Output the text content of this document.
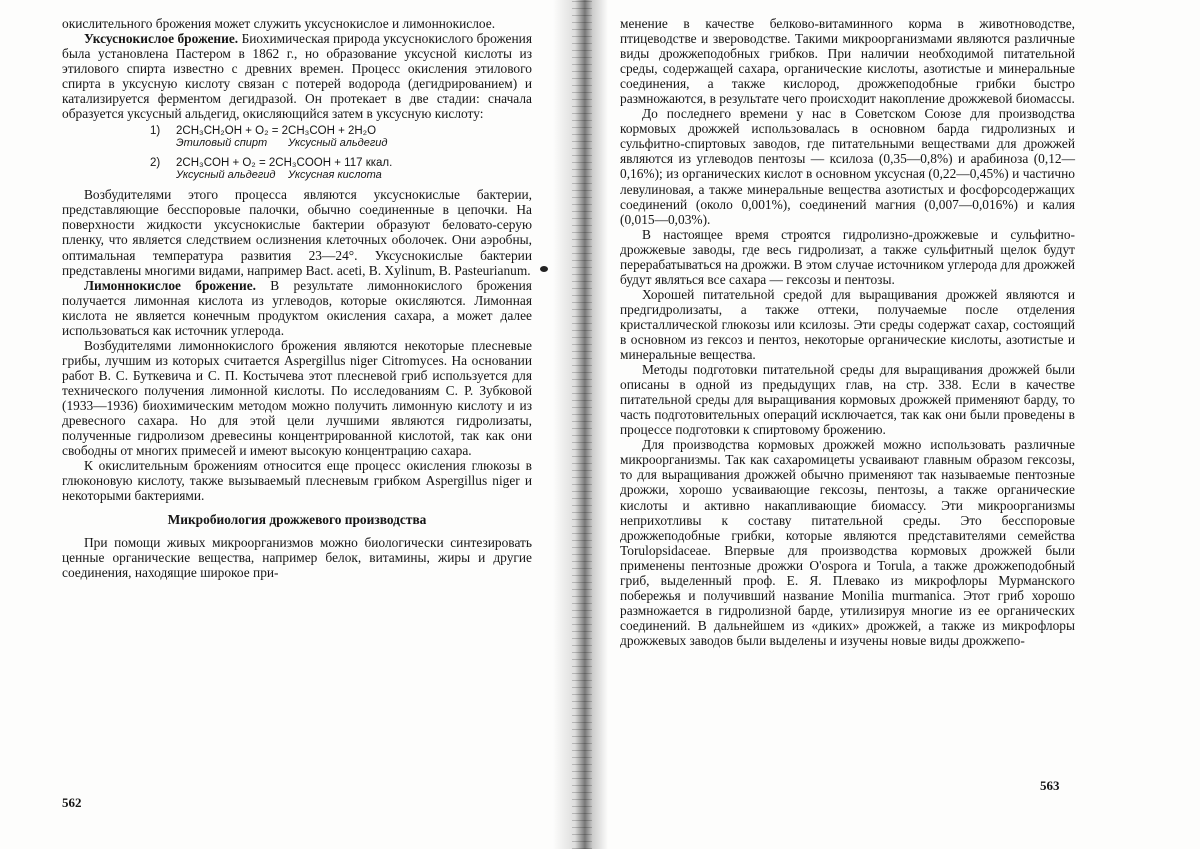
окислительного брожения может служить уксуснокислое и лимоннокислое.

Уксуснокислое брожение. Биохимическая природа уксуснокислого брожения была установлена Пастером в 1862 г., но образование уксусной кислоты из этилового спирта известно с древних времен. Процесс окисления этилового спирта в уксусную кислоту связан с потерей водорода (дегидрированием) и катализируется ферментом дегидразой. Он протекает в две стадии: сначала образуется уксусный альдегид, окисляющийся затем в уксусную кислоту:

1) 2CH₃CH₂OH + O₂ = 2CH₃COH + 2H₂O
Этиловый спирт Уксусный альдегид
2) 2CH₃COH + O₂ = 2CH₃COOH + 117 ккал.
Уксусный альдегид Уксусная кислота

Возбудителями этого процесса являются уксуснокислые бактерии, представляющие бесспоровые палочки, обычно соединенные в цепочки. На поверхности жидкости уксуснокислые бактерии образуют беловато-серую пленку, что является следствием ослизнения клеточных оболочек. Они аэробны, оптимальная температура развития 23—24°. Уксуснокислые бактерии представлены многими видами, например Bact. aceti, B. Xylinum, B. Pasteurianum.

Лимоннокислое брожение. В результате лимоннокислого брожения получается лимонная кислота из углеводов, которые окисляются. Лимонная кислота не является конечным продуктом окисления сахара, а может далее использоваться как источник углерода.

Возбудителями лимоннокислого брожения являются некоторые плесневые грибы, лучшим из которых считается Aspergillus niger Citromyces. На основании работ В. С. Буткевича и С. П. Костычева этот плесневой гриб используется для технического получения лимонной кислоты. По исследованиям С. Р. Зубковой (1933—1936) биохимическим методом можно получить лимонную кислоту и из древесного сахара. Но для этой цели лучшими являются гидролизаты, полученные гидролизом древесины концентрированной кислотой, так как они свободны от многих примесей и имеют высокую концентрацию сахара.

К окислительным брожениям относится еще процесс окисления глюкозы в глюконовую кислоту, также вызываемый плесневым грибком Aspergillus niger и некоторыми бактериями.

Микробиология дрожжевого производства

При помощи живых микроорганизмов можно биологически синтезировать ценные органические вещества, например белок, витамины, жиры и другие соединения, находящие широкое при-

562

менение в качестве белково-витаминного корма в животноводстве, птицеводстве и звероводстве. Такими микроорганизмами являются различные виды дрожжеподобных грибков. При наличии необходимой питательной среды, содержащей сахара, органические кислоты, азотистые и минеральные соединения, а также кислород, дрожжеподобные грибки быстро размножаются, в результате чего происходит накопление дрожжевой биомассы.

До последнего времени у нас в Советском Союзе для производства кормовых дрожжей использовалась в основном барда гидролизных и сульфитно-спиртовых заводов, где питательными веществами для дрожжей являются из углеводов пентозы — ксилоза (0,35—0,8%) и арабиноза (0,12—0,16%); из органических кислот в основном уксусная (0,22—0,45%) и частично левулиновая, а также минеральные вещества азотистых и фосфорсодержащих соединений (около 0,001%), соединений магния (0,007—0,016%) и калия (0,015—0,03%).

В настоящее время строятся гидролизно-дрожжевые и сульфитно-дрожжевые заводы, где весь гидролизат, а также сульфитный щелок будут перерабатываться на дрожжи. В этом случае источником углерода для дрожжей будут являться все сахара — гексозы и пентозы.

Хорошей питательной средой для выращивания дрожжей являются и предгидролизаты, а также оттеки, получаемые после отделения кристаллической глюкозы или ксилозы. Эти среды содержат сахар, состоящий в основном из гексоз и пентоз, некоторые органические кислоты, азотистые и минеральные вещества.

Методы подготовки питательной среды для выращивания дрожжей были описаны в одной из предыдущих глав, на стр. 338. Если в качестве питательной среды для выращивания кормовых дрожжей применяют барду, то часть подготовительных операций исключается, так как они были проведены в процессе подготовки к спиртовому брожению.

Для производства кормовых дрожжей можно использовать различные микроорганизмы. Так как сахаромицеты усваивают главным образом гексозы, то для выращивания дрожжей обычно применяют так называемые пентозные дрожжи, хорошо усваивающие гексозы, пентозы, а также органические кислоты и активно накапливающие биомассу. Эти микроорганизмы неприхотливы к составу питательной среды. Это бесспоровые дрожжеподобные грибки, которые являются представителями семейства Torulopsidaceae. Впервые для производства кормовых дрожжей были применены пентозные дрожжи O'ospora и Torula, а также дрожжеподобный гриб, выделенный проф. Е. Я. Плевако из микрофлоры Мурманского побережья и получивший название Monilia murmanica. Этот гриб хорошо размножается в гидролизной барде, утилизируя многие из ее органических соединений. В дальнейшем из «диких» дрожжей, а также из микрофлоры дрожжевых заводов были выделены и изучены новые виды дрожжепо-

563
